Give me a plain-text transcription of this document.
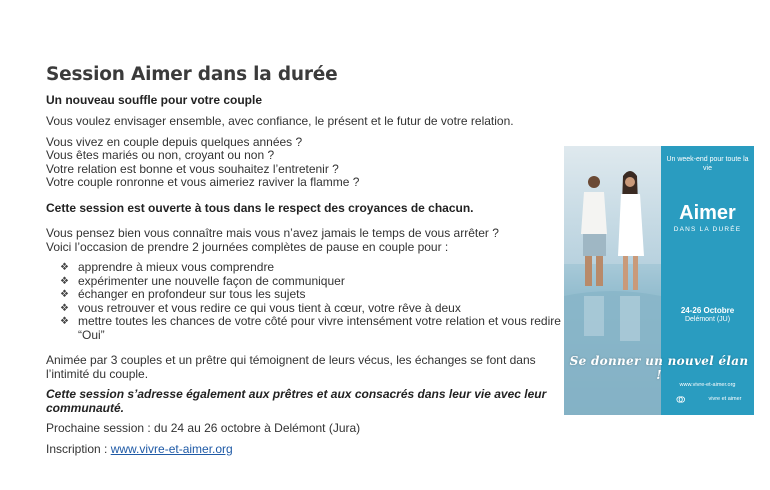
Session Aimer dans la durée

Un nouveau souffle pour votre couple

Vous voulez envisager ensemble, avec confiance, le présent et le futur de votre relation.

Vous vivez en couple depuis quelques années ?
Vous êtes mariés ou non, croyant ou non ?
Votre relation est bonne et vous souhaitez l’entretenir ?
Votre couple ronronne et vous aimeriez raviver la flamme ?

Cette session est ouverte à tous dans le respect des croyances de chacun.

Vous pensez bien vous connaître mais vous n’avez jamais le temps de vous arrêter ?
Voici l’occasion de prendre 2 journées complètes de pause en couple pour :

❖ apprendre à mieux vous comprendre
❖ expérimenter une nouvelle façon de communiquer
❖ échanger en profondeur sur tous les sujets
❖ vous retrouver et vous redire ce qui vous tient à cœur, votre rêve à deux
❖ mettre toutes les chances de votre côté pour vivre intensément votre relation et vous redire “Oui”

Animée par 3 couples et un prêtre qui témoignent de leurs vécus, les échanges se font dans l’intimité du couple.

Cette session s’adresse également aux prêtres et aux consacrés dans leur vie avec leur communauté.

Prochaine session : du 24 au 26 octobre à Delémont (Jura)

Inscription : www.vivre-et-aimer.org

Un week-end pour toute la vie
Aimer
DANS LA DURÉE
24-26 Octobre
Delémont (JU)
Se donner un nouvel élan !
www.vivre-et-aimer.org
vivre et aimer
